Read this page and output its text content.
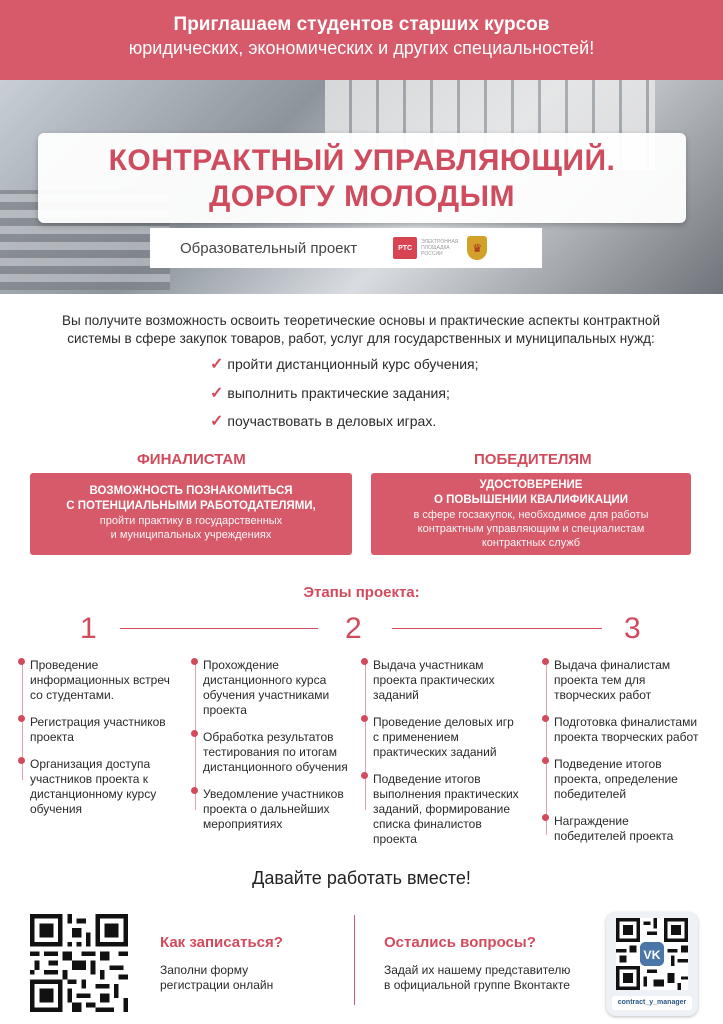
Приглашаем студентов старших курсов
юридических, экономических и других специальностей!
КОНТРАКТНЫЙ УПРАВЛЯЮЩИЙ.
ДОРОГУ МОЛОДЫМ
Образовательный проект	РТС
ЭЛЕКТРОННАЯ ПЛОЩАДКА РОССИИ	♛
Вы получите возможность освоить теоретические основы и практические аспекты контрактной
системы в сфере закупок товаров, работ, услуг для государственных и муниципальных нужд:
✓ пройти дистанционный курс обучения;
✓ выполнить практические задания;
✓ поучаствовать в деловых играх.
ФИНАЛИСТАМ	ПОБЕДИТЕЛЯМ
ВОЗМОЖНОСТЬ ПОЗНАКОМИТЬСЯ
С ПОТЕНЦИАЛЬНЫМИ РАБОТОДАТЕЛЯМИ,
пройти практику в государственных
и муниципальных учреждениях
УДОСТОВЕРЕНИЕ
О ПОВЫШЕНИИ КВАЛИФИКАЦИИ
в сфере госзакупок, необходимое для работы
контрактным управляющим и специалистам
контрактных служб
Этапы проекта:
1	2	3
Проведение информационных встреч со студентами.
Регистрация участников проекта
Организация доступа участников проекта к дистанционному курсу обучения
Прохождение дистанционного курса обучения участниками проекта
Обработка результатов тестирования по итогам дистанционного обучения
Уведомление участников проекта о дальнейших мероприятиях
Выдача участникам проекта практических заданий
Проведение деловых игр с применением практических заданий
Подведение итогов выполнения практических заданий, формирование списка финалистов проекта
Выдача финалистам проекта тем для творческих работ
Подготовка финалистами проекта творческих работ
Подведение итогов проекта, определение победителей
Награждение победителей проекта
Давайте работать вместе!
Как записаться?

Заполни форму

регистрации онлайн

Остались вопросы?

Задай их нашему представителю

в официальной группе Вконтакте

VK
contract_y_manager
